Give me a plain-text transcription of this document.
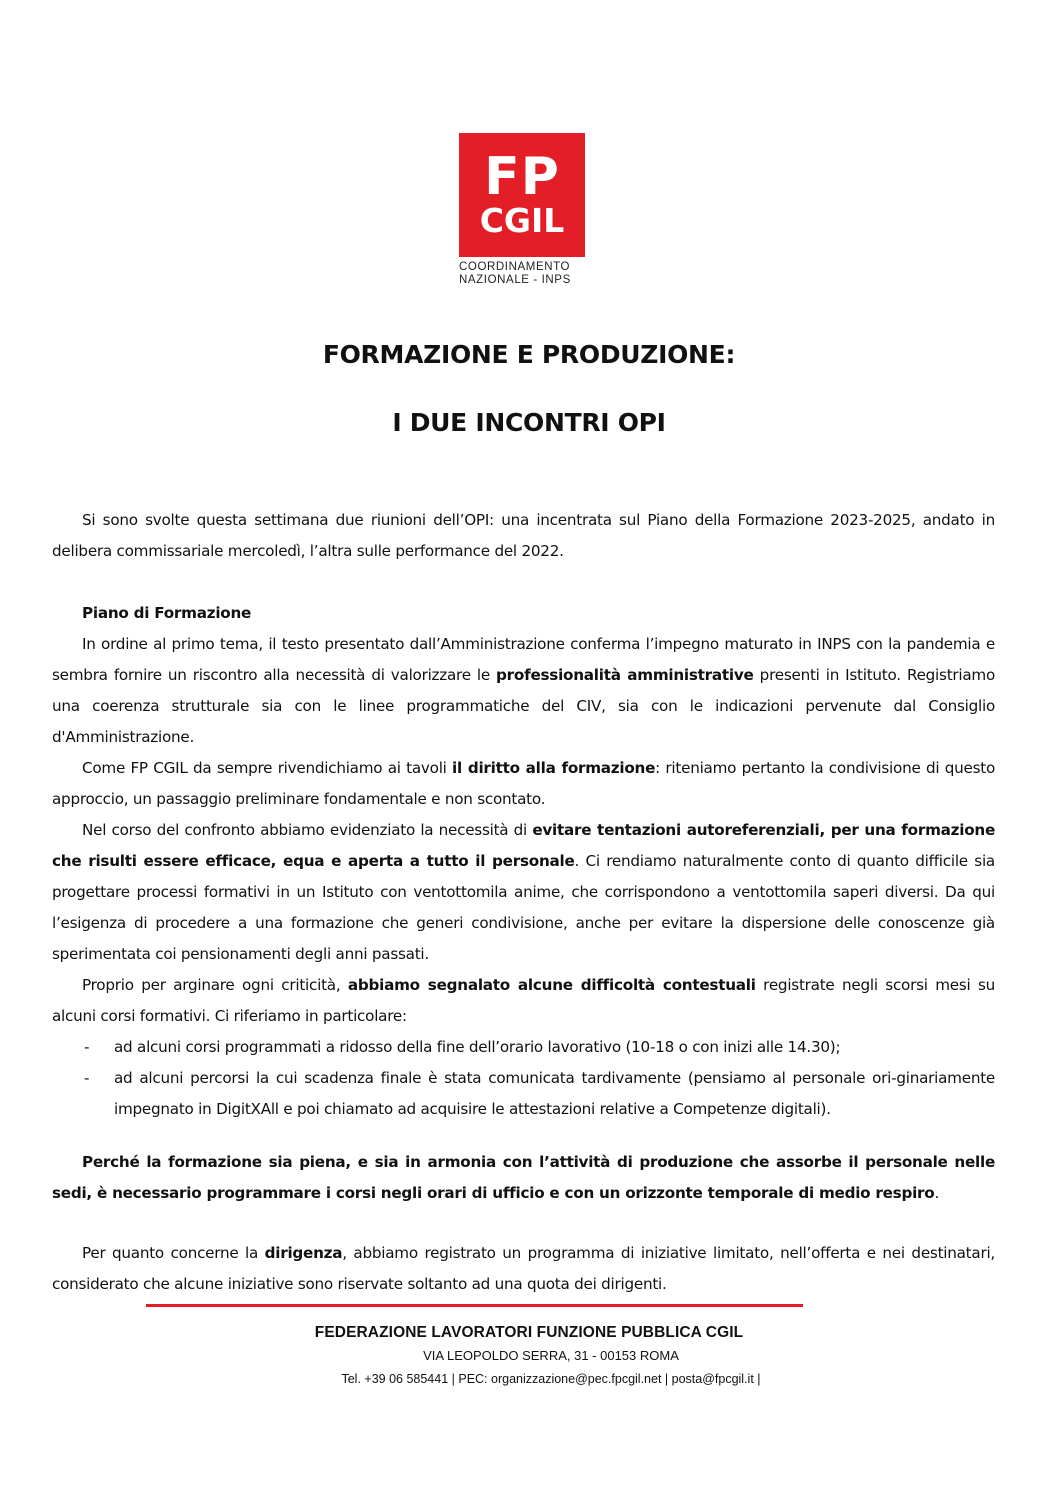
FP
CGIL
COORDINAMENTO
NAZIONALE - INPS
FORMAZIONE E PRODUZIONE:
I DUE INCONTRI OPI

Si sono svolte questa settimana due riunioni dell’OPI: una incentrata sul Piano della Formazione 2023-2025, andato in delibera commissariale mercoledì, l’altra sulle performance del 2022.

Piano di Formazione

In ordine al primo tema, il testo presentato dall’Amministrazione conferma l’impegno maturato in INPS con la pandemia e sembra fornire un riscontro alla necessità di valorizzare le professionalità amministrative presenti in Istituto. Registriamo una coerenza strutturale sia con le linee programmatiche del CIV, sia con le indicazioni pervenute dal Consiglio d'Amministrazione.

Come FP CGIL da sempre rivendichiamo ai tavoli il diritto alla formazione: riteniamo pertanto la condivisione di questo approccio, un passaggio preliminare fondamentale e non scontato.

Nel corso del confronto abbiamo evidenziato la necessità di evitare tentazioni autoreferenziali, per una formazione che risulti essere efficace, equa e aperta a tutto il personale. Ci rendiamo naturalmente conto di quanto difficile sia progettare processi formativi in un Istituto con ventottomila anime, che corrispondono a ventottomila saperi diversi. Da qui l’esigenza di procedere a una formazione che generi condivisione, anche per evitare la dispersione delle conoscenze già sperimentata coi pensionamenti degli anni passati.

Proprio per arginare ogni criticità, abbiamo segnalato alcune difficoltà contestuali registrate negli scorsi mesi su alcuni corsi formativi. Ci riferiamo in particolare:

- ad alcuni corsi programmati a ridosso della fine dell’orario lavorativo (10-18 o con inizi alle 14.30);
- ad alcuni percorsi la cui scadenza finale è stata comunicata tardivamente (pensiamo al personale ori-ginariamente impegnato in DigitXAll e poi chiamato ad acquisire le attestazioni relative a Competenze digitali).

Perché la formazione sia piena, e sia in armonia con l’attività di produzione che assorbe il personale nelle sedi, è necessario programmare i corsi negli orari di ufficio e con un orizzonte temporale di medio respiro.

Per quanto concerne la dirigenza, abbiamo registrato un programma di iniziative limitato, nell’offerta e nei destinatari, considerato che alcune iniziative sono riservate soltanto ad una quota dei dirigenti.

FEDERAZIONE LAVORATORI FUNZIONE PUBBLICA CGIL
VIA LEOPOLDO SERRA, 31 - 00153 ROMA
Tel. +39 06 585441 | PEC: organizzazione@pec.fpcgil.net | posta@fpcgil.it |
